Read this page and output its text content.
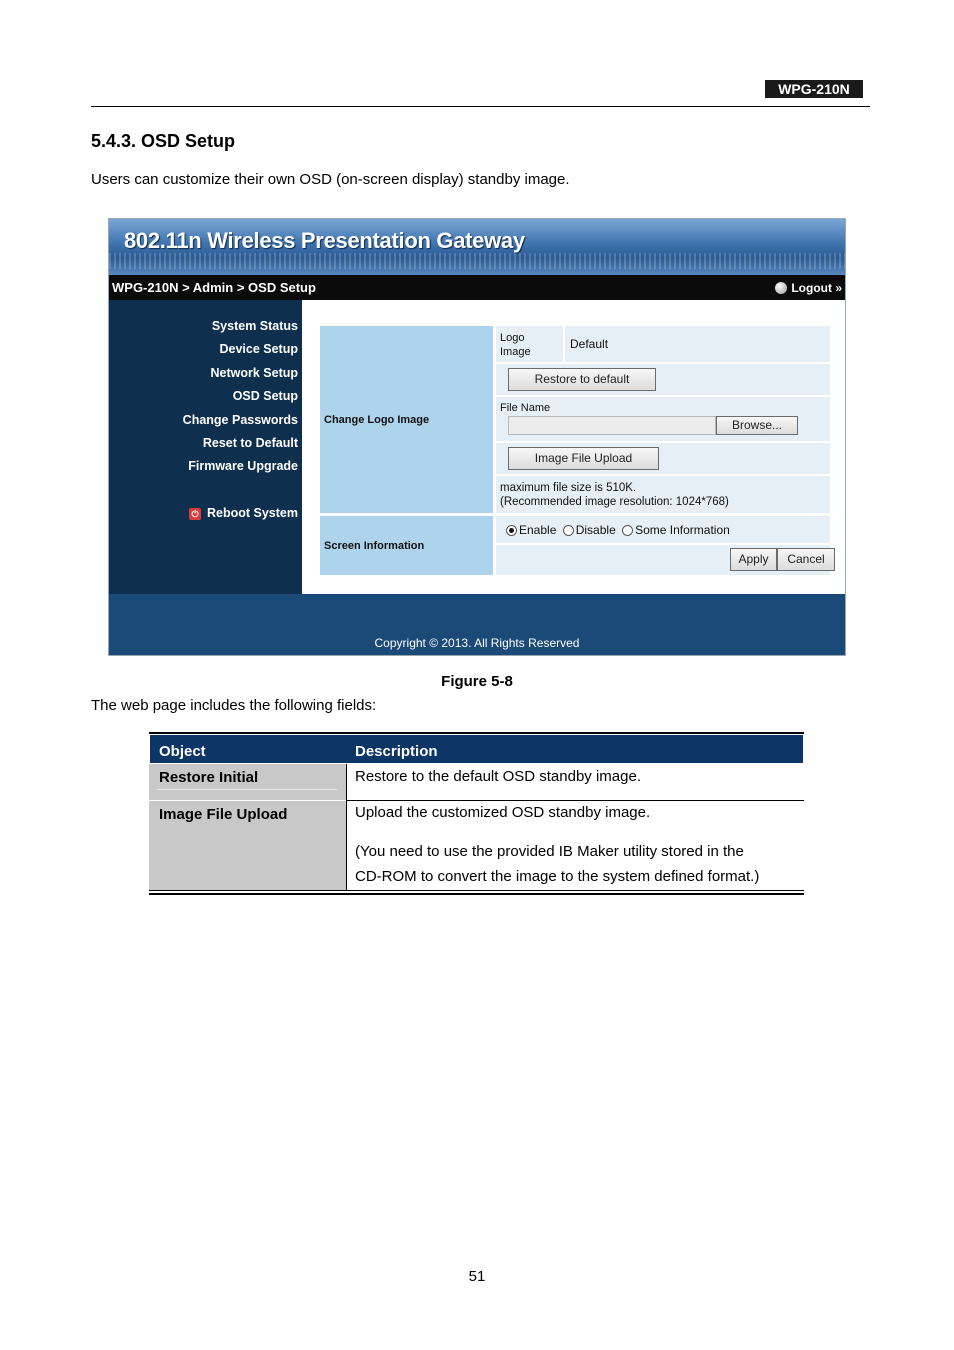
WPG-210N
5.4.3. OSD Setup
Users can customize their own OSD (on-screen display) standby image.
802.11n Wireless Presentation Gateway
WPG-210N > Admin > OSD Setup	Logout »
System Status
Device Setup
Network Setup
OSD Setup
Change Passwords
Reset to Default
Firmware Upgrade
⏻ Reboot System
Change Logo Image
Logo Image
Default
Restore to default
File Name
Browse...
Image File Upload
maximum file size is 510K.
(Recommended image resolution: 1024*768)
Screen Information
Enable Disable Some Information
Apply	Cancel
Copyright © 2013. All Rights Reserved
Figure 5-8
The web page includes the following fields:
Object	Description
Restore Initial	Restore to the default OSD standby image.
Image File Upload	Upload the customized OSD standby image.
(You need to use the provided IB Maker utility stored in the
CD-ROM to convert the image to the system defined format.)
51
